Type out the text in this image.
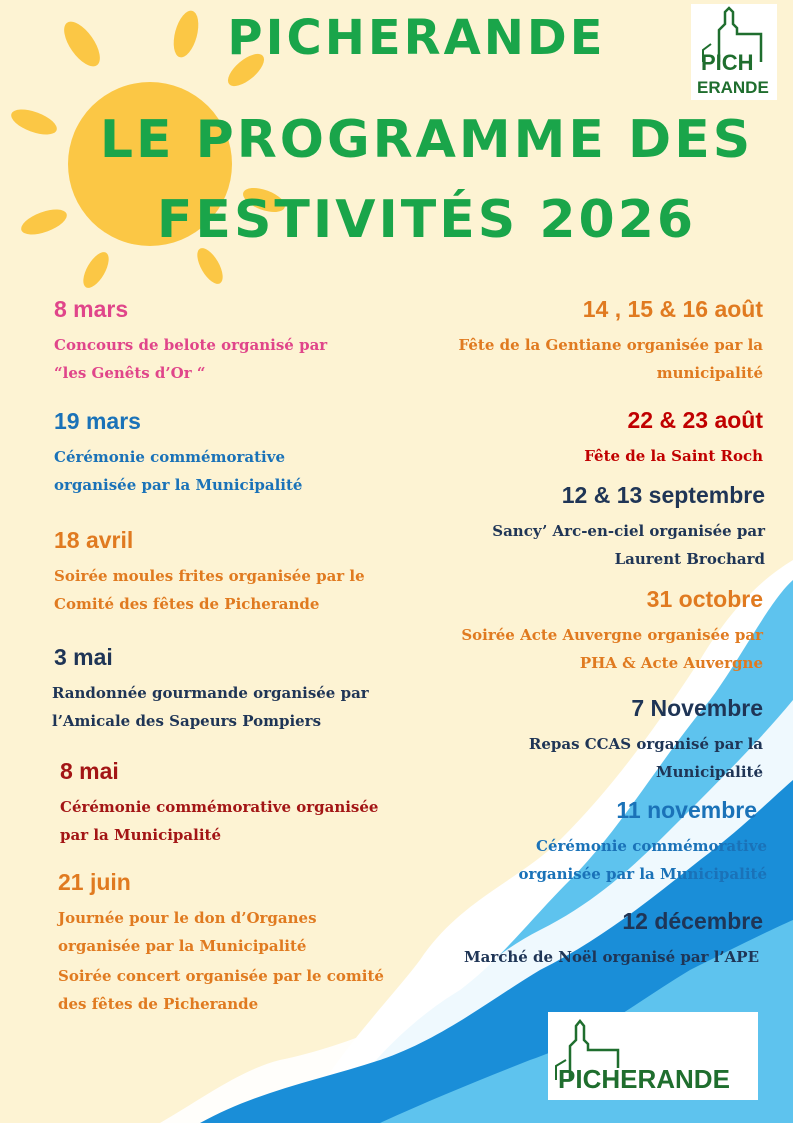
PICHERANDE
LE PROGRAMME DES
FESTIVITÉS 2026
PICH
ERANDE
PICHERANDE

8 mars

Concours de belote organisé par
“les Genêts d’Or “

19 mars

Cérémonie commémorative
organisée par la Municipalité

18 avril

Soirée moules frites organisée par le
Comité des fêtes de Picherande

3 mai

Randonnée gourmande organisée par
l’Amicale des Sapeurs Pompiers

8 mai

Cérémonie commémorative organisée
par la Municipalité

21 juin

Journée pour le don d’Organes
organisée par la Municipalité

Soirée concert organisée par le comité
des fêtes de Picherande

14 , 15 & 16 août

Fête de la Gentiane organisée par la
municipalité

22 & 23 août

Fête de la Saint Roch

12 & 13 septembre

Sancy’ Arc-en-ciel organisée par
Laurent Brochard

31 octobre

Soirée Acte Auvergne organisée par
PHA & Acte Auvergne

7 Novembre

Repas CCAS organisé par la
Municipalité

11 novembre

Cérémonie commémorative
organisée par la Municipalité

12 décembre

Marché de Noël organisé par l’APE
